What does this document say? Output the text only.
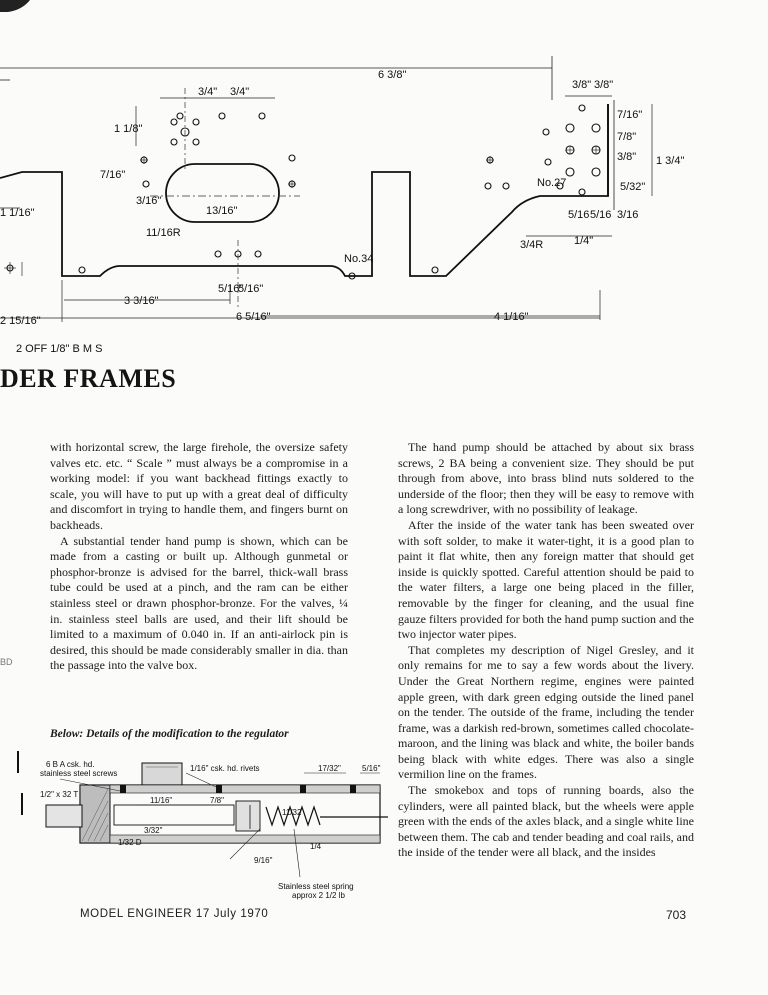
6 3/8"
3/4" 3/4"
3/8" 3/8"
1 1/8"
7/16"
3/16"
13/16"
11/16R
1 1/16"
7/16"
7/8"
3/8" 1 3/4"
5/32"
No.27
No.34
5/16 5/16 3/16
1/4"
3/4R
5/16"
5/16"
3 3/16"
6 5/16"	4 1/16"
2 15/16"
2 OFF 1/8" B M S
DER FRAMES

with horizontal screw, the large firehole, the oversize safety valves etc. etc. “ Scale ” must always be a compromise in a working model: if you want backhead fittings exactly to scale, you will have to put up with a great deal of difficulty and discomfort in trying to handle them, and fingers burnt on backheads.

A substantial tender hand pump is shown, which can be made from a casting or built up. Although gunmetal or phosphor-bronze is advised for the barrel, thick-wall brass tube could be used at a pinch, and the ram can be either stainless steel or drawn phosphor-bronze. For the valves, ¼ in. stainless steel balls are used, and their lift should be limited to a maximum of 0.040 in. If an anti-airlock pin is desired, this should be made considerably smaller in dia. than the passage into the valve box.

BD
Below: Details of the modification to the regulator
6 B A csk. hd.
stainless steel screws
1/16" csk. hd. rivets	17/32"	5/16"
1/2" x 32 T
11/16"	7/8"
3/32"
1/32 D
11/32
1/4
9/16"
Stainless steel spring
approx 2 1/2 lb

The hand pump should be attached by about six brass screws, 2 BA being a convenient size. They should be put through from above, into brass blind nuts soldered to the underside of the floor; then they will be easy to remove with a long screwdriver, with no possibility of leakage.

After the inside of the water tank has been sweated over with soft solder, to make it water-tight, it is a good plan to paint it flat white, then any foreign matter that should get inside is quickly spotted. Careful attention should be paid to the water filters, a large one being placed in the filler, removable by the finger for cleaning, and the usual fine gauze filters provided for both the hand pump suction and the two injector water pipes.

That completes my description of Nigel Gresley, and it only remains for me to say a few words about the livery. Under the Great Northern regime, engines were painted apple green, with dark green edging outside the lined panel on the tender. The outside of the frame, including the tender frame, was a darkish red-brown, sometimes called chocolate-maroon, and the lining was black and white, the boiler bands being black with white edges. There was also a single vermilion line on the frames.

The smokebox and tops of running boards, also the cylinders, were all painted black, but the wheels were apple green with the ends of the axles black, and a single white line between them. The cab and tender beading and coal rails, and the inside of the tender were all black, and the insides

MODEL ENGINEER 17 July 1970	703
